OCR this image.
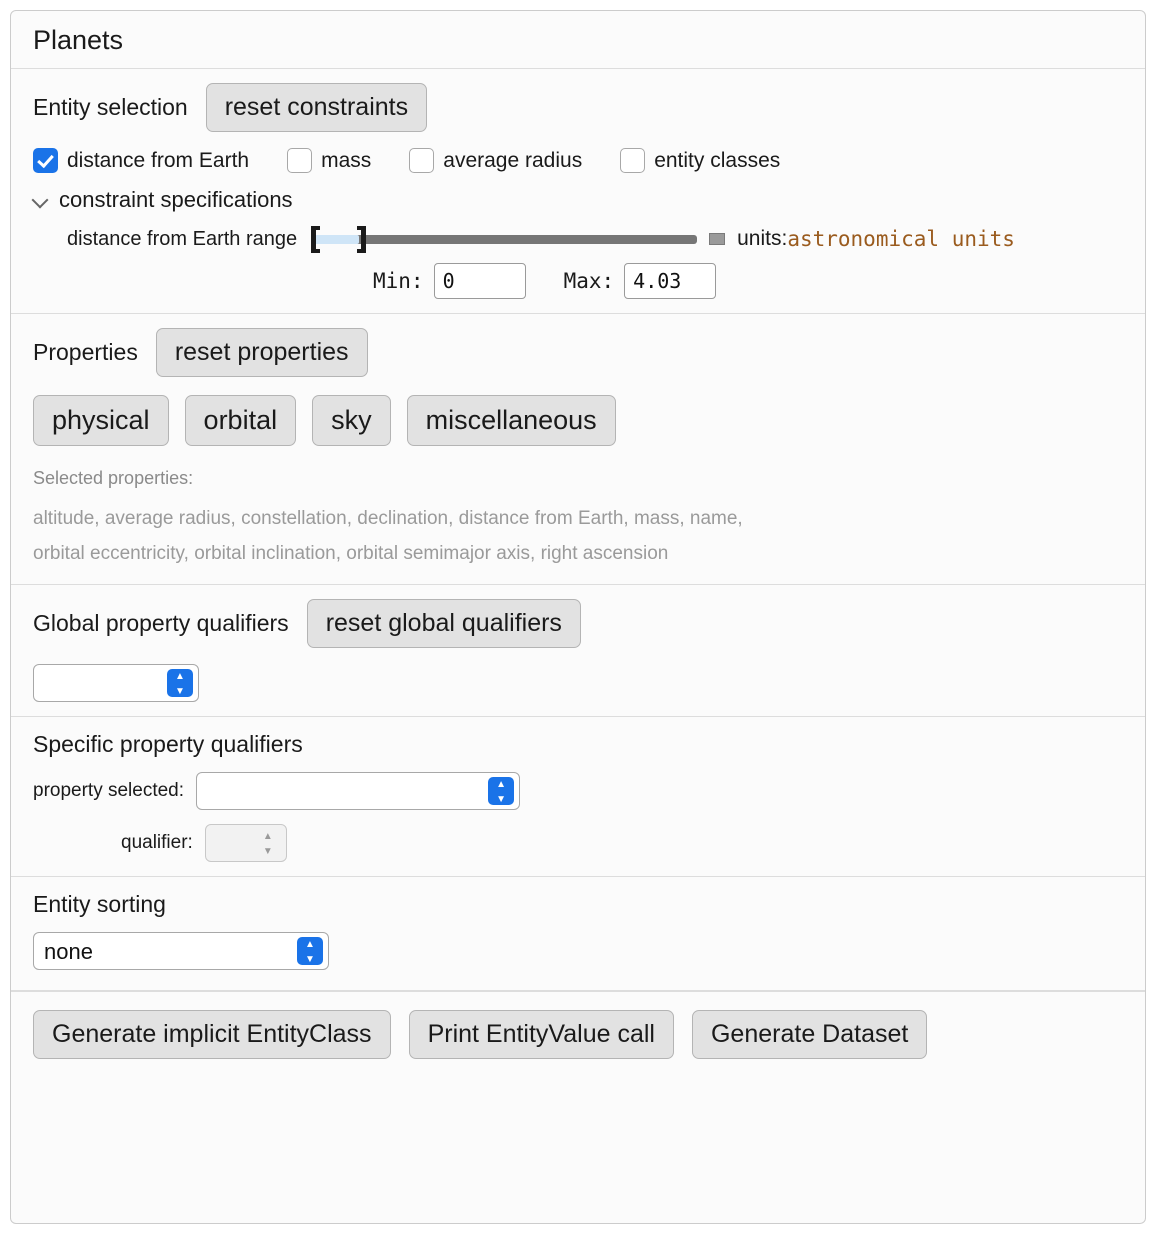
Planets
Entity selection	reset constraints
distance from Earth	mass	average radius	entity classes
constraint specifications
distance from Earth range	units: astronomical units
Min:
0	Max:
4.03
Properties	reset properties
physical	orbital	sky	miscellaneous
Selected properties:
altitude, average radius, constellation, declination, distance from Earth, mass, name,
orbital eccentricity, orbital inclination, orbital semimajor axis, right ascension
Global property qualifiers	reset global qualifiers
▲
▼
Specific property qualifiers
property selected:
▲
▼
qualifier:
▲
▼
Entity sorting
none
▲
▼
Generate implicit EntityClass	Print EntityValue call	Generate Dataset
